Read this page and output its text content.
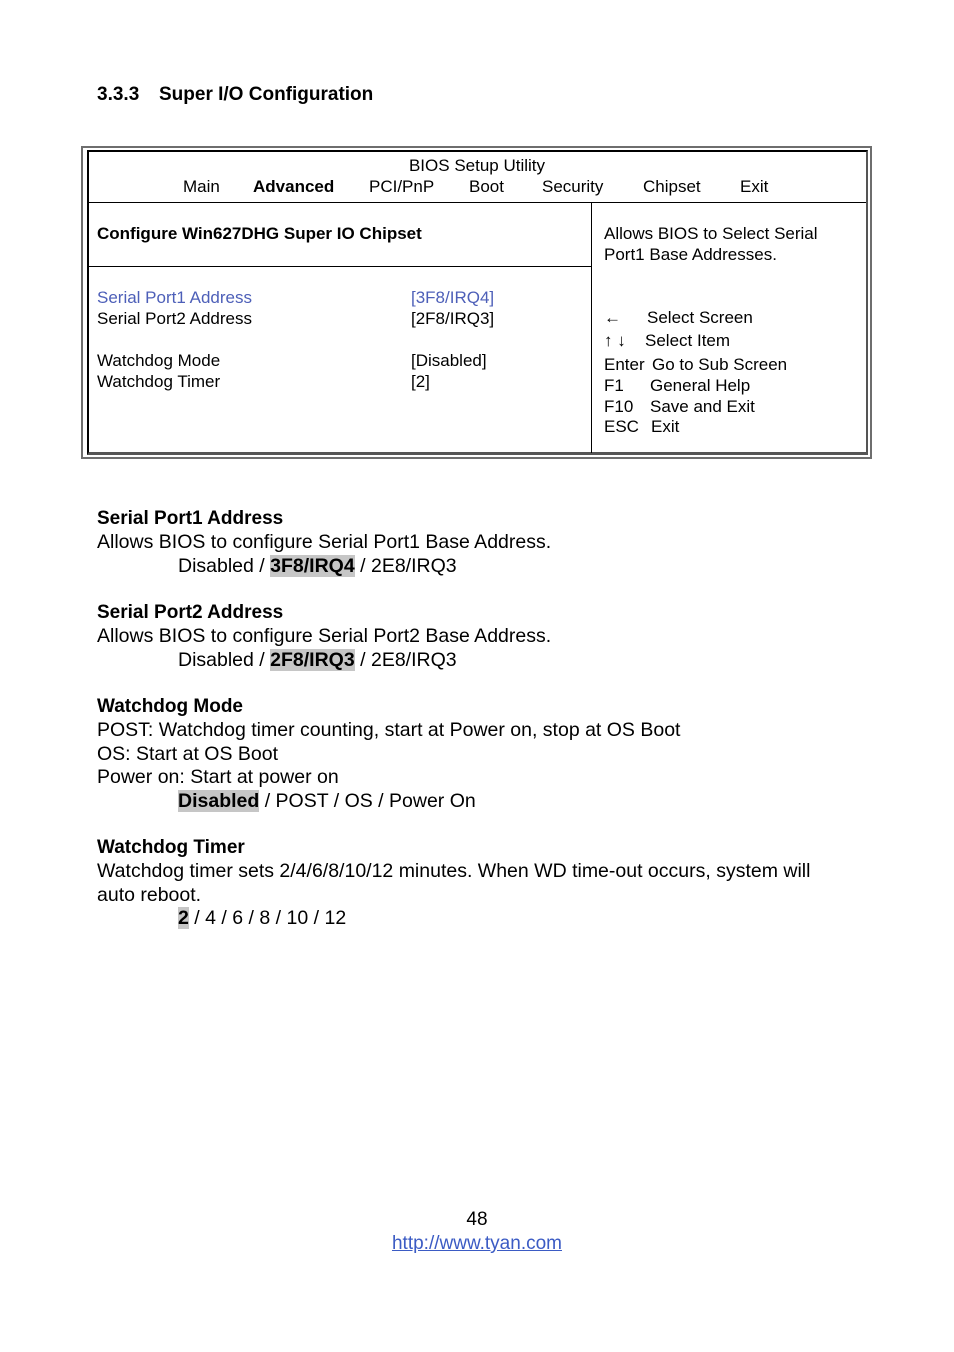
3.3.3 Super I/O Configuration
BIOS Setup Utility
Main Advanced PCI/PnP Boot Security Chipset Exit
Configure Win627DHG Super IO Chipset
Serial Port1 Address	[3F8/IRQ4]
Serial Port2 Address	[2F8/IRQ3]
Watchdog Mode	[Disabled]
Watchdog Timer	[2]
Allows BIOS to Select Serial
Port1 Base Addresses.
← Select Screen
↑ ↓ Select Item
Enter Go to Sub Screen
F1 General Help
F10 Save and Exit
ESC Exit
Serial Port1 Address
Allows BIOS to configure Serial Port1 Base Address.
Disabled / 3F8/IRQ4 / 2E8/IRQ3
Serial Port2 Address
Allows BIOS to configure Serial Port2 Base Address.
Disabled / 2F8/IRQ3 / 2E8/IRQ3
Watchdog Mode
POST: Watchdog timer counting, start at Power on, stop at OS Boot
OS: Start at OS Boot
Power on: Start at power on
Disabled / POST / OS / Power On
Watchdog Timer
Watchdog timer sets 2/4/6/8/10/12 minutes. When WD time-out occurs, system will
auto reboot.
2 / 4 / 6 / 8 / 10 / 12
48
http://www.tyan.com
